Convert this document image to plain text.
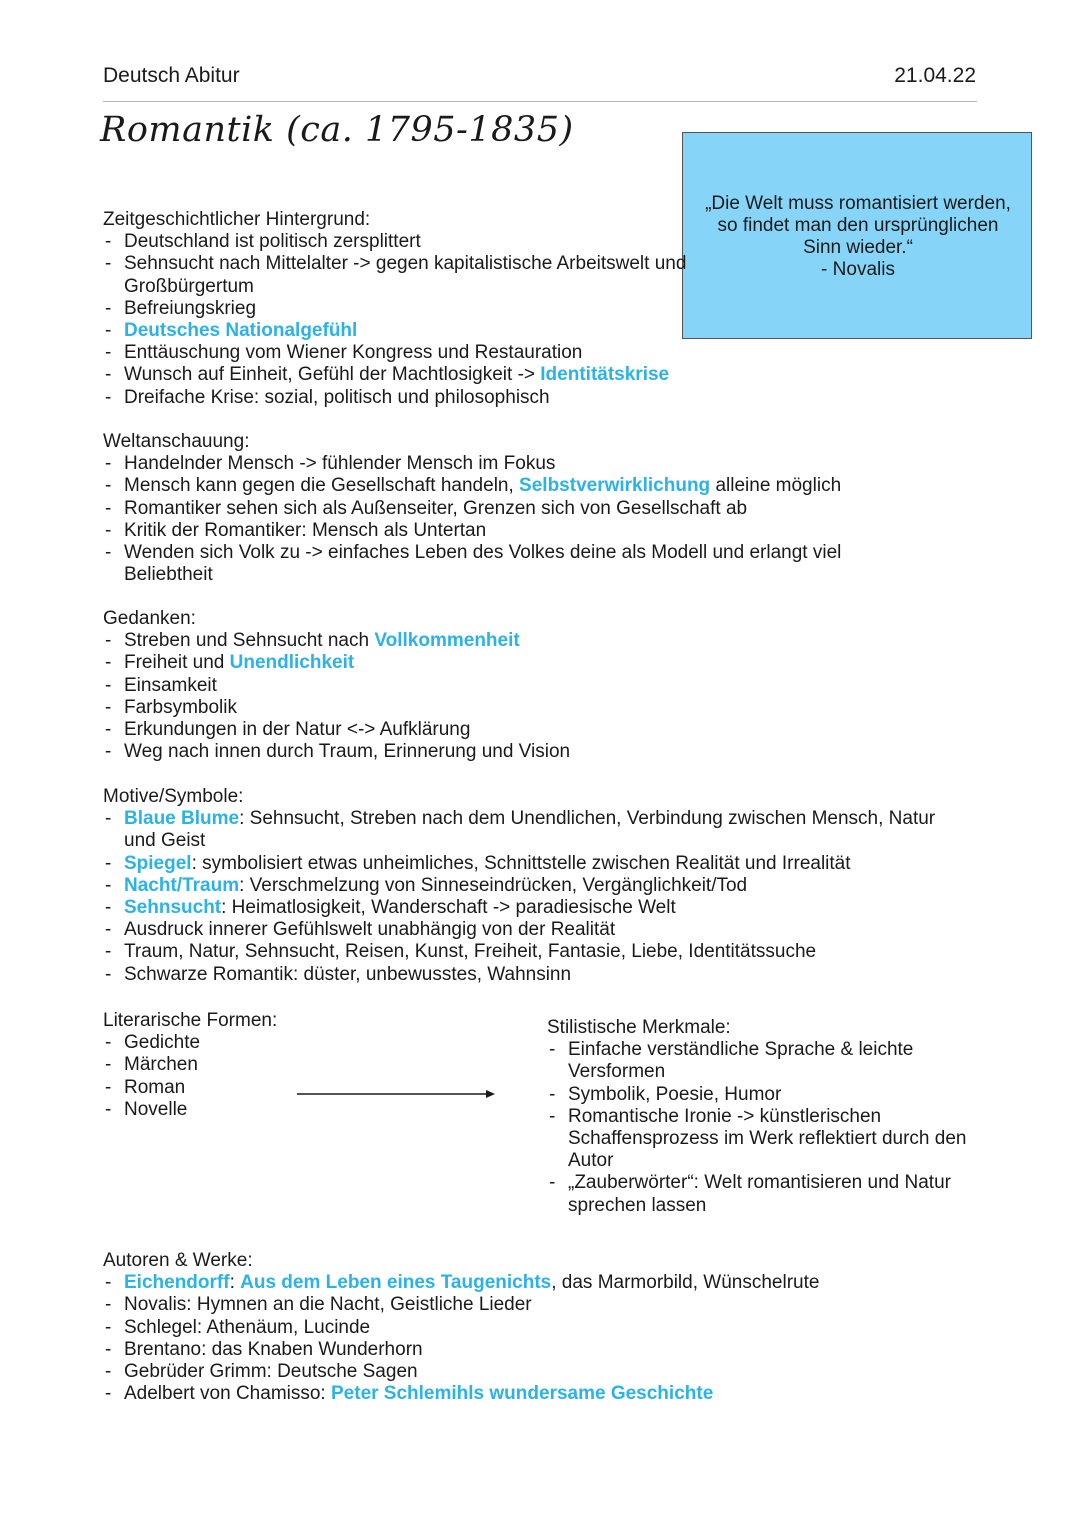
Deutsch Abitur	21.04.22
Romantik (ca. 1795-1835)
„Die Welt muss romantisiert werden,
so findet man den ursprünglichen
Sinn wieder.“
- Novalis
Zeitgeschichtlicher Hintergrund:
- Deutschland ist politisch zersplittert
- Sehnsucht nach Mittelalter -> gegen kapitalistische Arbeitswelt und Großbürgertum
- Befreiungskrieg
- Deutsches Nationalgefühl
- Enttäuschung vom Wiener Kongress und Restauration
- Wunsch auf Einheit, Gefühl der Machtlosigkeit -> Identitätskrise
- Dreifache Krise: sozial, politisch und philosophisch
Weltanschauung:
- Handelnder Mensch -> fühlender Mensch im Fokus
- Mensch kann gegen die Gesellschaft handeln, Selbstverwirklichung alleine möglich
- Romantiker sehen sich als Außenseiter, Grenzen sich von Gesellschaft ab
- Kritik der Romantiker: Mensch als Untertan
- Wenden sich Volk zu -> einfaches Leben des Volkes deine als Modell und erlangt viel Beliebtheit
Gedanken:
- Streben und Sehnsucht nach Vollkommenheit
- Freiheit und Unendlichkeit
- Einsamkeit
- Farbsymbolik
- Erkundungen in der Natur <-> Aufklärung
- Weg nach innen durch Traum, Erinnerung und Vision
Motive/Symbole:
- Blaue Blume: Sehnsucht, Streben nach dem Unendlichen, Verbindung zwischen Mensch, Natur und Geist
- Spiegel: symbolisiert etwas unheimliches, Schnittstelle zwischen Realität und Irrealität
- Nacht/Traum: Verschmelzung von Sinneseindrücken, Vergänglichkeit/Tod
- Sehnsucht: Heimatlosigkeit, Wanderschaft -> paradiesische Welt
- Ausdruck innerer Gefühlswelt unabhängig von der Realität
- Traum, Natur, Sehnsucht, Reisen, Kunst, Freiheit, Fantasie, Liebe, Identitätssuche
- Schwarze Romantik: düster, unbewusstes, Wahnsinn
Literarische Formen:
- Gedichte
- Märchen
- Roman
- Novelle
Stilistische Merkmale:
- Einfache verständliche Sprache & leichte Versformen
- Symbolik, Poesie, Humor
- Romantische Ironie -> künstlerischen Schaffensprozess im Werk reflektiert durch den Autor
- „Zauberwörter“: Welt romantisieren und Natur sprechen lassen
Autoren & Werke:
- Eichendorff: Aus dem Leben eines Taugenichts, das Marmorbild, Wünschelrute
- Novalis: Hymnen an die Nacht, Geistliche Lieder
- Schlegel: Athenäum, Lucinde
- Brentano: das Knaben Wunderhorn
- Gebrüder Grimm: Deutsche Sagen
- Adelbert von Chamisso: Peter Schlemihls wundersame Geschichte
